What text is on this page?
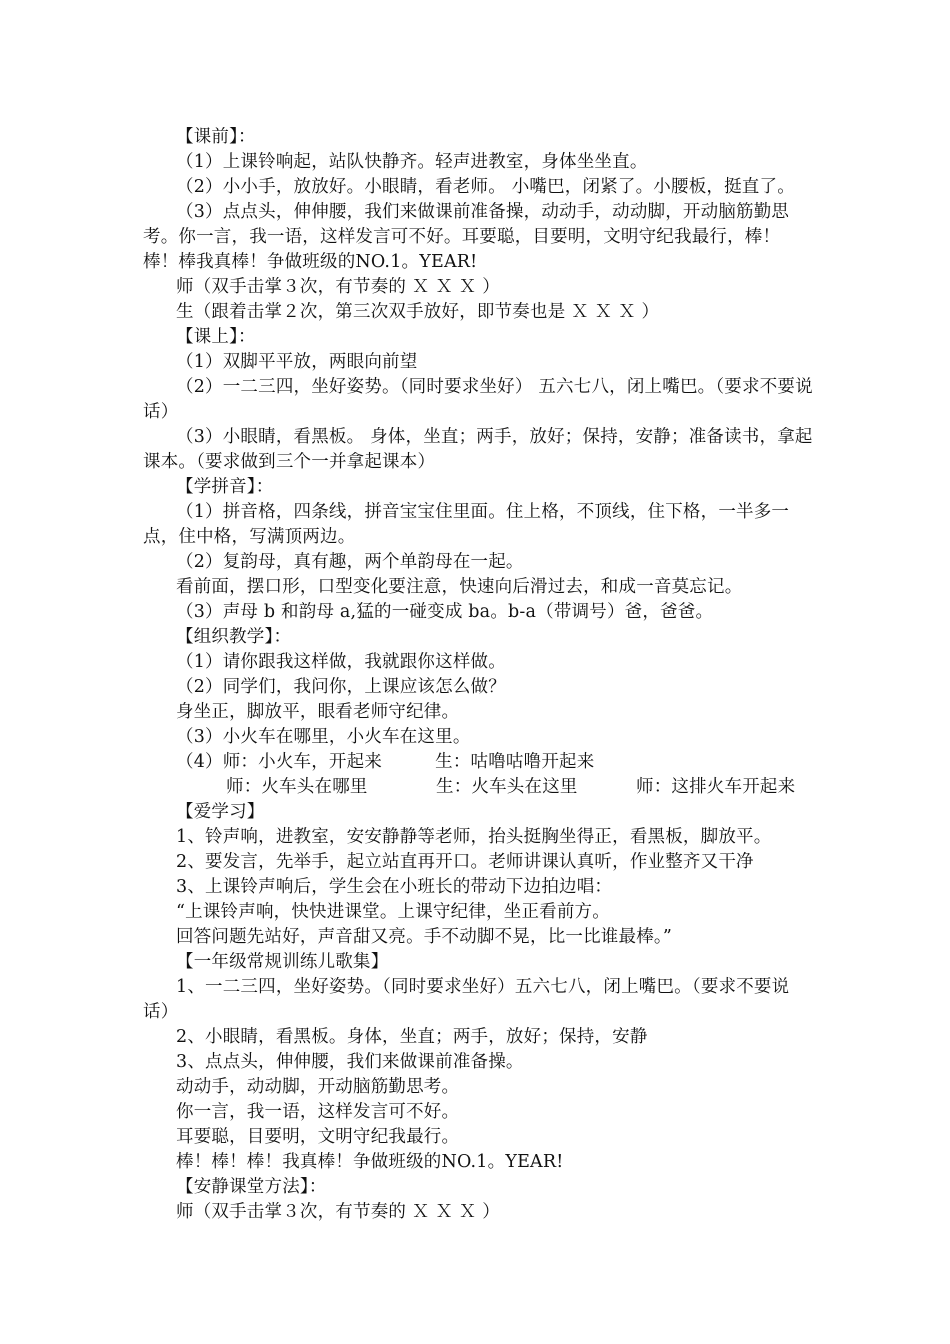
【课前】：
（1）上课铃响起，站队快静齐。轻声进教室，身体坐坐直。
（2）小小手，放放好。小眼睛，看老师。 小嘴巴，闭紧了。小腰板，挺直了。
（3）点点头，伸伸腰，我们来做课前准备操，动动手，动动脚，开动脑筋勤思考。你一言，我一语，这样发言可不好。耳要聪，目要明，文明守纪我最行，棒！棒！棒我真棒！争做班级的NO.1。YEAR!
师（双手击掌３次，有节奏的 Ｘ Ｘ Ｘ ）
生（跟着击掌２次，第三次双手放好，即节奏也是 Ｘ Ｘ Ｘ ）
【课上】：
（1）双脚平平放，两眼向前望
（2）一二三四，坐好姿势。（同时要求坐好） 五六七八，闭上嘴巴。（要求不要说话）
（3）小眼睛，看黑板。 身体，坐直；两手，放好；保持，安静；准备读书，拿起课本。（要求做到三个一并拿起课本）
【学拼音】：
（1）拼音格，四条线，拼音宝宝住里面。住上格，不顶线，住下格，一半多一点，住中格，写满顶两边。
（2）复韵母，真有趣，两个单韵母在一起。
看前面，摆口形，口型变化要注意，快速向后滑过去，和成一音莫忘记。
（3）声母 b 和韵母 a,猛的一碰变成 ba。b-a（带调号）爸，爸爸。
【组织教学】：
（1）请你跟我这样做，我就跟你这样做。
（2）同学们，我问你，上课应该怎么做？
身坐正，脚放平，眼看老师守纪律。
（3）小火车在哪里，小火车在这里。
（4）师：小火车，开起来　　　生：咕噜咕噜开起来
师：火车头在哪里	生：火车头在这里	师：这排火车开起来
【爱学习】
1、铃声响，进教室，安安静静等老师，抬头挺胸坐得正，看黑板，脚放平。
2、要发言，先举手，起立站直再开口。老师讲课认真听，作业整齐又干净
3、上课铃声响后，学生会在小班长的带动下边拍边唱：
“上课铃声响，快快进课堂。上课守纪律，坐正看前方。
回答问题先站好，声音甜又亮。手不动脚不晃，比一比谁最棒。”
【一年级常规训练儿歌集】
1、一二三四，坐好姿势。（同时要求坐好）五六七八，闭上嘴巴。（要求不要说话）
2、小眼睛，看黑板。身体，坐直；两手，放好；保持，安静
3、点点头，伸伸腰，我们来做课前准备操。
动动手，动动脚，开动脑筋勤思考。
你一言，我一语，这样发言可不好。
耳要聪，目要明，文明守纪我最行。
棒！棒！棒！我真棒！争做班级的NO.1。YEAR!
【安静课堂方法】：
师（双手击掌３次，有节奏的 Ｘ Ｘ Ｘ ）
